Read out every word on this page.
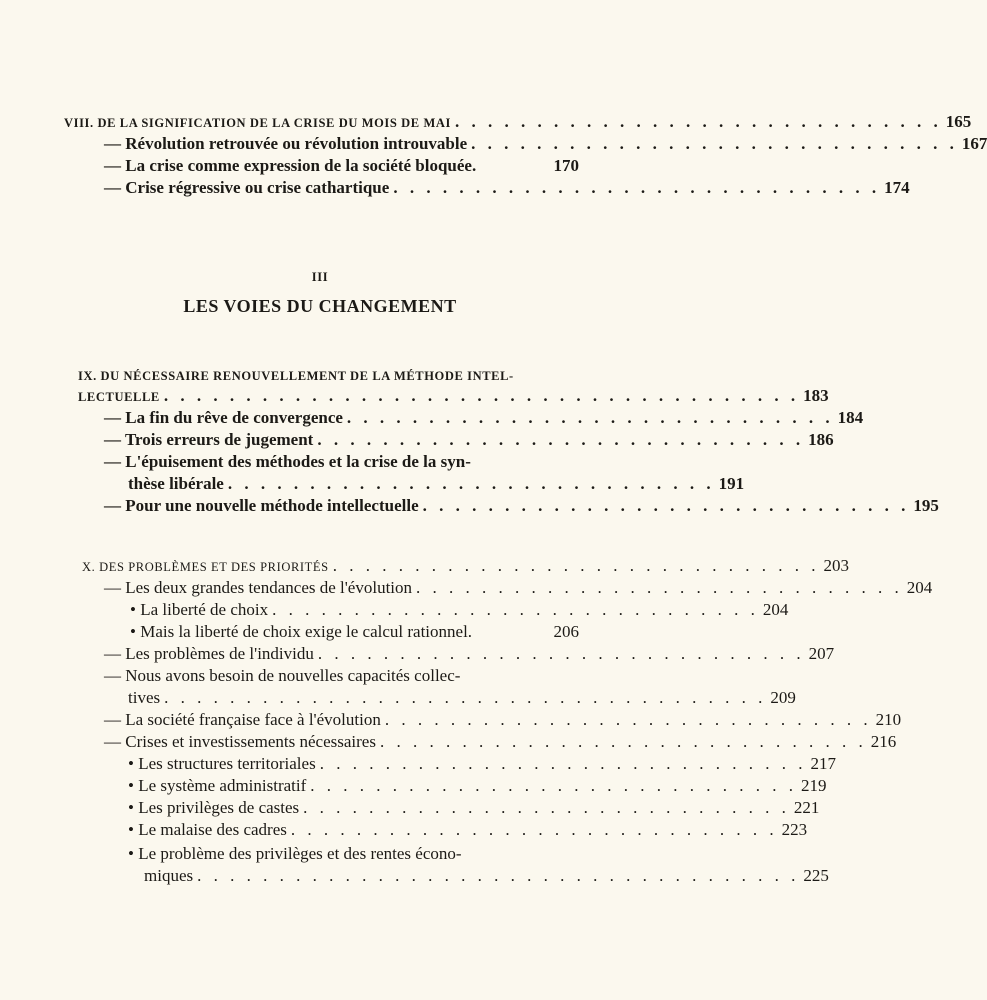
VIII. DE LA SIGNIFICATION DE LA CRISE DU MOIS DE MAI . . . . . . . . . . . . . . . . . . . . . . . . . . . . . . 165
— Révolution retrouvée ou révolution introuvable . . . . . . . . . . . . . . . . . . . . . . . . . . . . . . 167
— La crise comme expression de la société bloquée.	170
— Crise régressive ou crise cathartique . . . . . . . . . . . . . . . . . . . . . . . . . . . . . . 174
III
LES VOIES DU CHANGEMENT
IX. DU NÉCESSAIRE RENOUVELLEMENT DE LA MÉTHODE INTEL-
LECTUELLE . . . . . . . . . . . . . . . . . . . . . . . . . . . . . . . . . . . . . . . 183
— La fin du rêve de convergence . . . . . . . . . . . . . . . . . . . . . . . . . . . . . . 184
— Trois erreurs de jugement . . . . . . . . . . . . . . . . . . . . . . . . . . . . . . 186
— L'épuisement des méthodes et la crise de la syn-
thèse libérale . . . . . . . . . . . . . . . . . . . . . . . . . . . . . . 191
— Pour une nouvelle méthode intellectuelle . . . . . . . . . . . . . . . . . . . . . . . . . . . . . . 195
X. DES PROBLÈMES ET DES PRIORITÉS . . . . . . . . . . . . . . . . . . . . . . . . . . . . . . 203
— Les deux grandes tendances de l'évolution . . . . . . . . . . . . . . . . . . . . . . . . . . . . . . 204
• La liberté de choix . . . . . . . . . . . . . . . . . . . . . . . . . . . . . . 204
• Mais la liberté de choix exige le calcul rationnel.	206
— Les problèmes de l'individu . . . . . . . . . . . . . . . . . . . . . . . . . . . . . . 207
— Nous avons besoin de nouvelles capacités collec-
tives . . . . . . . . . . . . . . . . . . . . . . . . . . . . . . . . . . . . . 209
— La société française face à l'évolution . . . . . . . . . . . . . . . . . . . . . . . . . . . . . . 210
— Crises et investissements nécessaires . . . . . . . . . . . . . . . . . . . . . . . . . . . . . . 216
• Les structures territoriales . . . . . . . . . . . . . . . . . . . . . . . . . . . . . . 217
• Le système administratif . . . . . . . . . . . . . . . . . . . . . . . . . . . . . . 219
• Les privilèges de castes . . . . . . . . . . . . . . . . . . . . . . . . . . . . . . 221
• Le malaise des cadres . . . . . . . . . . . . . . . . . . . . . . . . . . . . . . 223
• Le problème des privilèges et des rentes écono-
miques . . . . . . . . . . . . . . . . . . . . . . . . . . . . . . . . . . . . . 225
